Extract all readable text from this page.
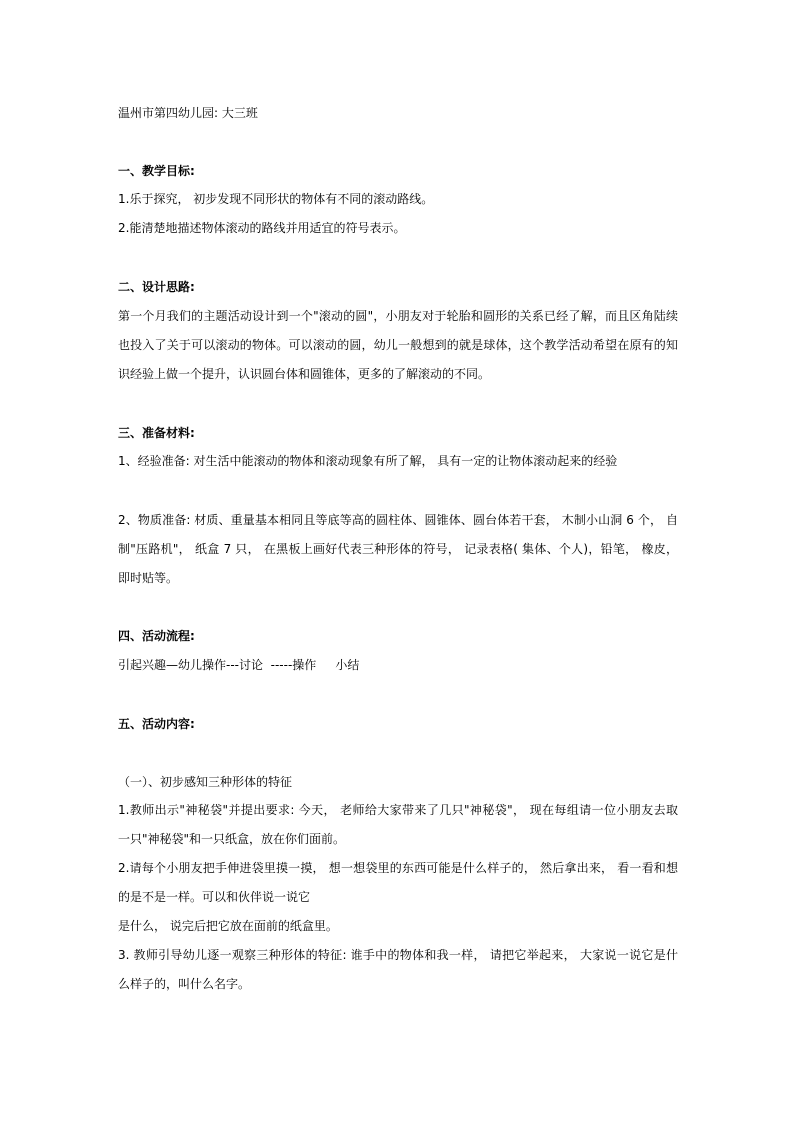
温州市第四幼儿园: 大三班
一、教学目标:
1.乐于探究， 初步发现不同形状的物体有不同的滚动路线。
2.能清楚地描述物体滚动的路线并用适宜的符号表示。
二、设计思路:
第一个月我们的主题活动设计到一个"滚动的圆"，小朋友对于轮胎和圆形的关系已经了解，而且区角陆续
也投入了关于可以滚动的物体。可以滚动的圆，幼儿一般想到的就是球体，这个教学活动希望在原有的知
识经验上做一个提升，认识圆台体和圆锥体，更多的了解滚动的不同。
三、准备材料:
1、经验准备: 对生活中能滚动的物体和滚动现象有所了解， 具有一定的让物体滚动起来的经验
2、物质准备: 材质、重量基本相同且等底等高的圆柱体、圆锥体、圆台体若干套， 木制小山洞 6 个， 自
制"压路机"， 纸盒 7 只， 在黑板上画好代表三种形体的符号， 记录表格( 集体、个人)，铅笔， 橡皮，
即时贴等。
四、活动流程:
引起兴趣—幼儿操作---讨论  -----操作     小结
五、活动内容:
（一）、初步感知三种形体的特征
1.教师出示"神秘袋"并提出要求: 今天， 老师给大家带来了几只"神秘袋"， 现在每组请一位小朋友去取
一只"神秘袋"和一只纸盒，放在你们面前。
2.请每个小朋友把手伸进袋里摸一摸， 想一想袋里的东西可能是什么样子的， 然后拿出来， 看一看和想
的是不是一样。可以和伙伴说一说它
是什么， 说完后把它放在面前的纸盒里。
3. 教师引导幼儿逐一观察三种形体的特征: 谁手中的物体和我一样， 请把它举起来， 大家说一说它是什
么样子的，叫什么名字。
